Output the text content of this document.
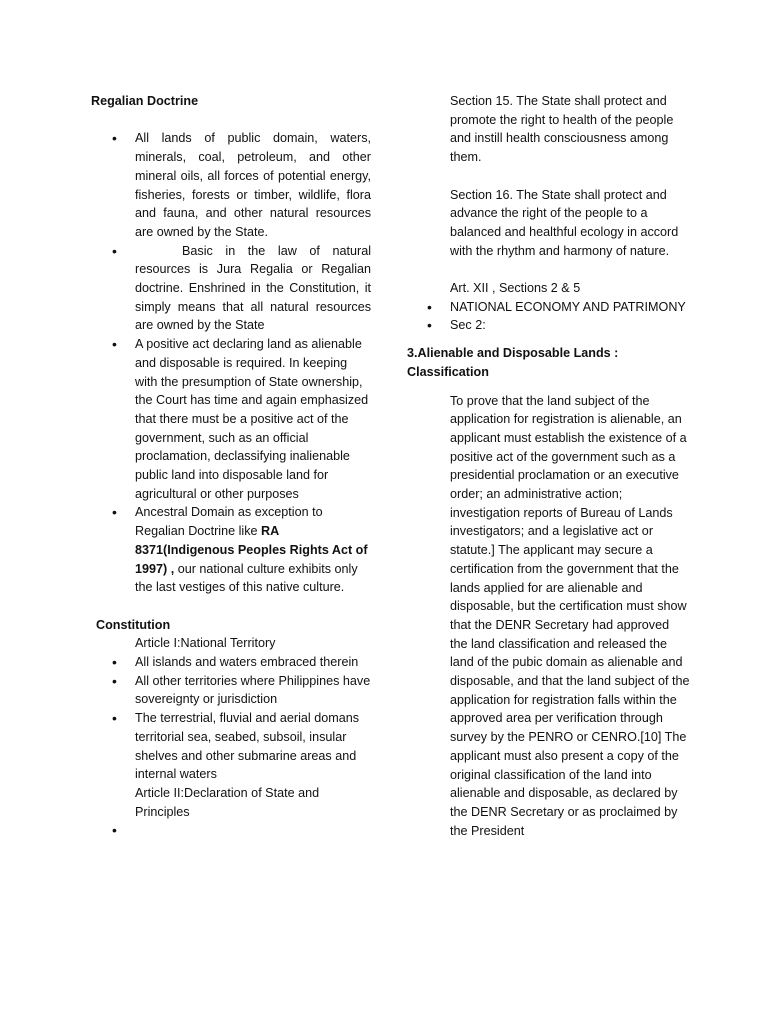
Regalian Doctrine

• All lands of public domain, waters, minerals, coal, petroleum, and other mineral oils, all forces of potential energy, fisheries, forests or timber, wildlife, flora and fauna, and other natural resources are owned by the State.
• Basic in the law of natural resources is Jura Regalia or Regalian doctrine. Enshrined in the Constitution, it simply means that all natural resources are owned by the State
• A positive act declaring land as alienable and disposable is required. In keeping with the presumption of State ownership, the Court has time and again emphasized that there must be a positive act of the government, such as an official proclamation, declassifying inalienable public land into disposable land for agricultural or other purposes
• Ancestral Domain as exception to Regalian Doctrine like RA 8371(Indigenous Peoples Rights Act of 1997) , our national culture exhibits only the last vestiges of this native culture.

Constitution

Article I:National Territory
• All islands and waters embraced therein
• All other territories where Philippines have sovereignty or jurisdiction
• The terrestrial, fluvial and aerial domans territorial sea, seabed, subsoil, insular shelves and other submarine areas and internal waters
Article II:Declaration of State and Principles
•

Section 15. The State shall protect and promote the right to health of the people and instill health consciousness among them.

Section 16. The State shall protect and advance the right of the people to a balanced and healthful ecology in accord with the rhythm and harmony of nature.

Art. XII , Sections 2 & 5

• NATIONAL ECONOMY AND PATRIMONY
• Sec 2:

3.Alienable and Disposable Lands : Classification

To prove that the land subject of the application for registration is alienable, an applicant must establish the existence of a positive act of the government such as a presidential proclamation or an executive order; an administrative action; investigation reports of Bureau of Lands investigators; and a legislative act or statute.] The applicant may secure a certification from the government that the lands applied for are alienable and disposable, but the certification must show that the DENR Secretary had approved the land classification and released the land of the pubic domain as alienable and disposable, and that the land subject of the application for registration falls within the approved area per verification through survey by the PENRO or CENRO.[10] The applicant must also present a copy of the original classification of the land into alienable and disposable, as declared by the DENR Secretary or as proclaimed by the President
